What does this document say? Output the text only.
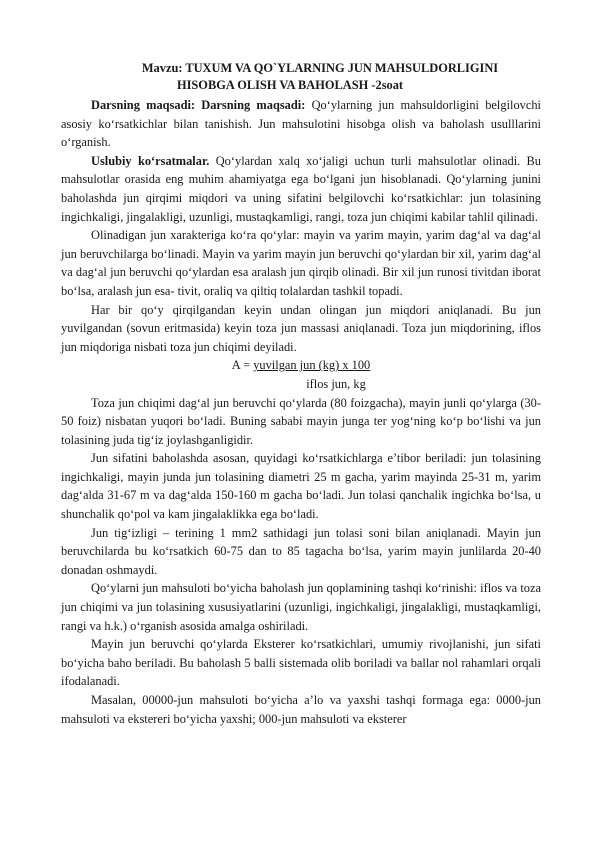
Mavzu: TUXUM VA QO`YLARNING JUN MAHSULDORLIGINI
HISOBGA OLISH VA BAHOLASH -2soat

Darsning maqsadi: Darsning maqsadi: Qo‘ylarning jun mahsuldorligini belgilovchi asosiy ko‘rsatkichlar bilan tanishish. Jun mahsulotini hisobga olish va baholash usulllarini o‘rganish.

Uslubiy ko‘rsatmalar. Qo‘ylardan xalq xo‘jaligi uchun turli mahsulotlar olinadi. Bu mahsulotlar orasida eng muhim ahamiyatga ega bo‘lgani jun hisoblanadi. Qo‘ylarning junini baholashda jun qirqimi miqdori va uning sifatini belgilovchi ko‘rsatkichlar: jun tolasining ingichkaligi, jingalakligi, uzunligi, mustaqkamligi, rangi, toza jun chiqimi kabilar tahlil qilinadi.

Olinadigan jun xarakteriga ko‘ra qo‘ylar: mayin va yarim mayin, yarim dag‘al va dag‘al jun beruvchilarga bo‘linadi. Mayin va yarim mayin jun beruvchi qo‘ylardan bir xil, yarim dag‘al va dag‘al jun beruvchi qo‘ylardan esa aralash jun qirqib olinadi. Bir xil jun runosi tivitdan iborat bo‘lsa, aralash jun esa- tivit, oraliq va qiltiq tolalardan tashkil topadi.

Har bir qo‘y qirqilgandan keyin undan olingan jun miqdori aniqlanadi. Bu jun yuvilgandan (sovun eritmasida) keyin toza jun massasi aniqlanadi. Toza jun miqdorining, iflos jun miqdoriga nisbati toza jun chiqimi deyiladi.

A = yuvilgan jun (kg) x 100
iflos jun, kg

Toza jun chiqimi dag‘al jun beruvchi qo‘ylarda (80 foizgacha), mayin junli qo‘ylarga (30-50 foiz) nisbatan yuqori bo‘ladi. Buning sababi mayin junga ter yog‘ning ko‘p bo‘lishi va jun tolasining juda tig‘iz joylashganligidir.

Jun sifatini baholashda asosan, quyidagi ko‘rsatkichlarga e’tibor beriladi: jun tolasining ingichkaligi, mayin junda jun tolasining diametri 25 m gacha, yarim mayinda 25-31 m, yarim dag‘alda 31-67 m va dag‘alda 150-160 m gacha bo‘ladi. Jun tolasi qanchalik ingichka bo‘lsa, u shunchalik qo‘pol va kam jingalaklikka ega bo‘ladi.

Jun tig‘izligi – terining 1 mm2 sathidagi jun tolasi soni bilan aniqlanadi. Mayin jun beruvchilarda bu ko‘rsatkich 60-75 dan to 85 tagacha bo‘lsa, yarim mayin junlilarda 20-40 donadan oshmaydi.

Qo‘ylarni jun mahsuloti bo‘yicha baholash jun qoplamining tashqi ko‘rinishi: iflos va toza jun chiqimi va jun tolasining xususiyatlarini (uzunligi, ingichkaligi, jingalakligi, mustaqkamligi, rangi va h.k.) o‘rganish asosida amalga oshiriladi.

Mayin jun beruvchi qo‘ylarda Eksterer ko‘rsatkichlari, umumiy rivojlanishi, jun sifati bo‘yicha baho beriladi. Bu baholash 5 balli sistemada olib boriladi va ballar nol rahamlari orqali ifodalanadi.

Masalan, 00000-jun mahsuloti bo‘yicha a’lo va yaxshi tashqi formaga ega: 0000-jun mahsuloti va ekstereri bo‘yicha yaxshi; 000-jun mahsuloti va eksterer
